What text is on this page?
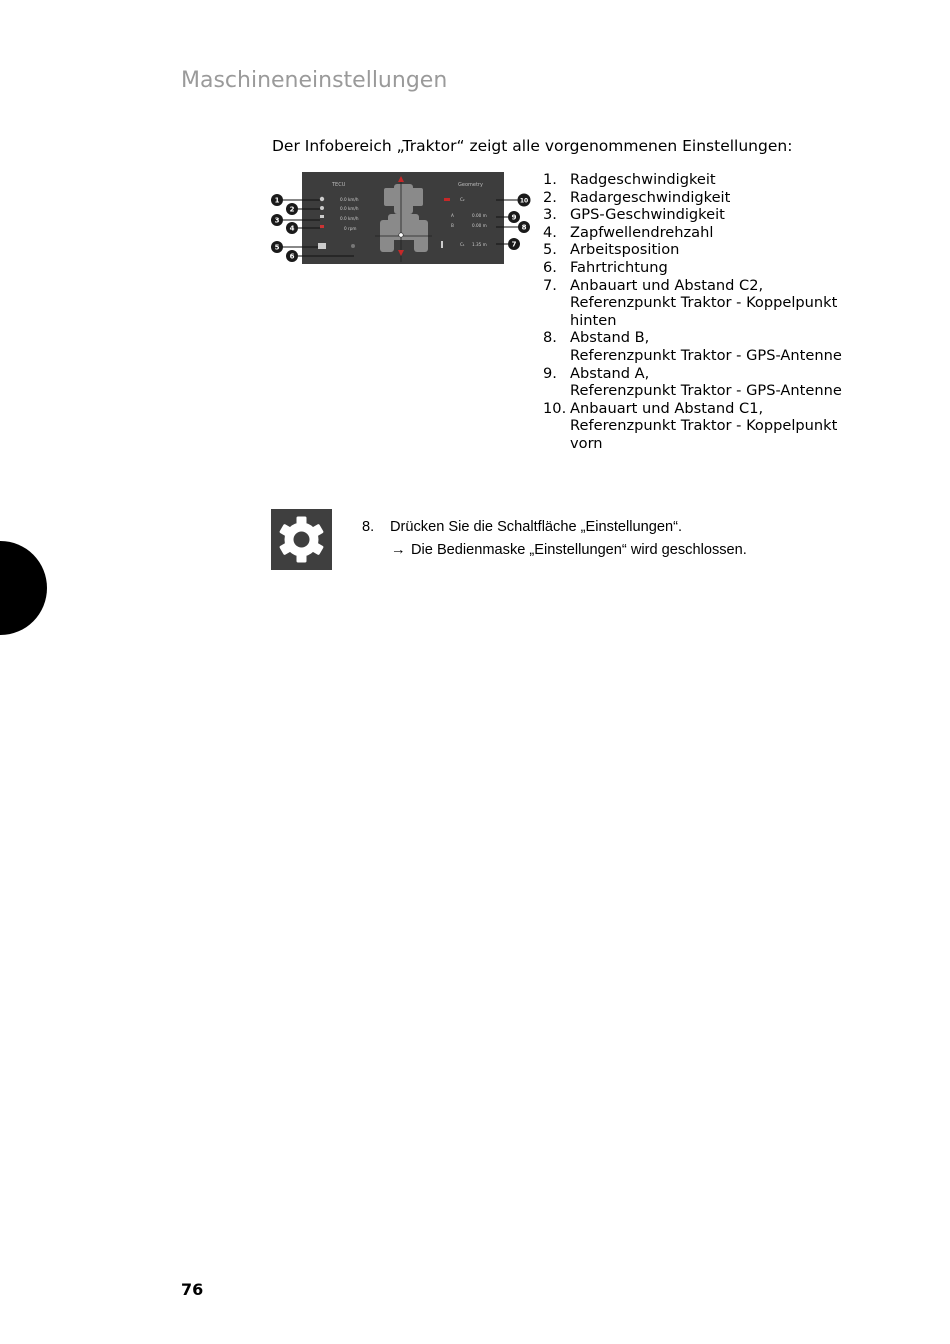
Maschineneinstellungen
Der Infobereich „Traktor“ zeigt alle vorgenommenen Einstellungen:
TECU	Geometry
0.0 km/h
0.0 km/h
0.0 km/h
0 rpm
C₂
A
B
C₁
0.00 m
0.00 m
1.35 m
1
2
3
4
5
6
7
8
9
10
1. Radgeschwindigkeit
2. Radargeschwindigkeit
3. GPS-Geschwindigkeit
4. Zapfwellendrehzahl
5. Arbeitsposition
6. Fahrtrichtung
7. Anbauart und Abstand C2,
Referenzpunkt Traktor - Koppelpunkt
hinten
8. Abstand B,
Referenzpunkt Traktor - GPS-Antenne
9. Abstand A,
Referenzpunkt Traktor - GPS-Antenne
10. Anbauart und Abstand C1,
Referenzpunkt Traktor - Koppelpunkt
vorn
8. Drücken Sie die Schaltfläche „Einstellungen“.
→ Die Bedienmaske „Einstellungen“ wird geschlossen.
76
